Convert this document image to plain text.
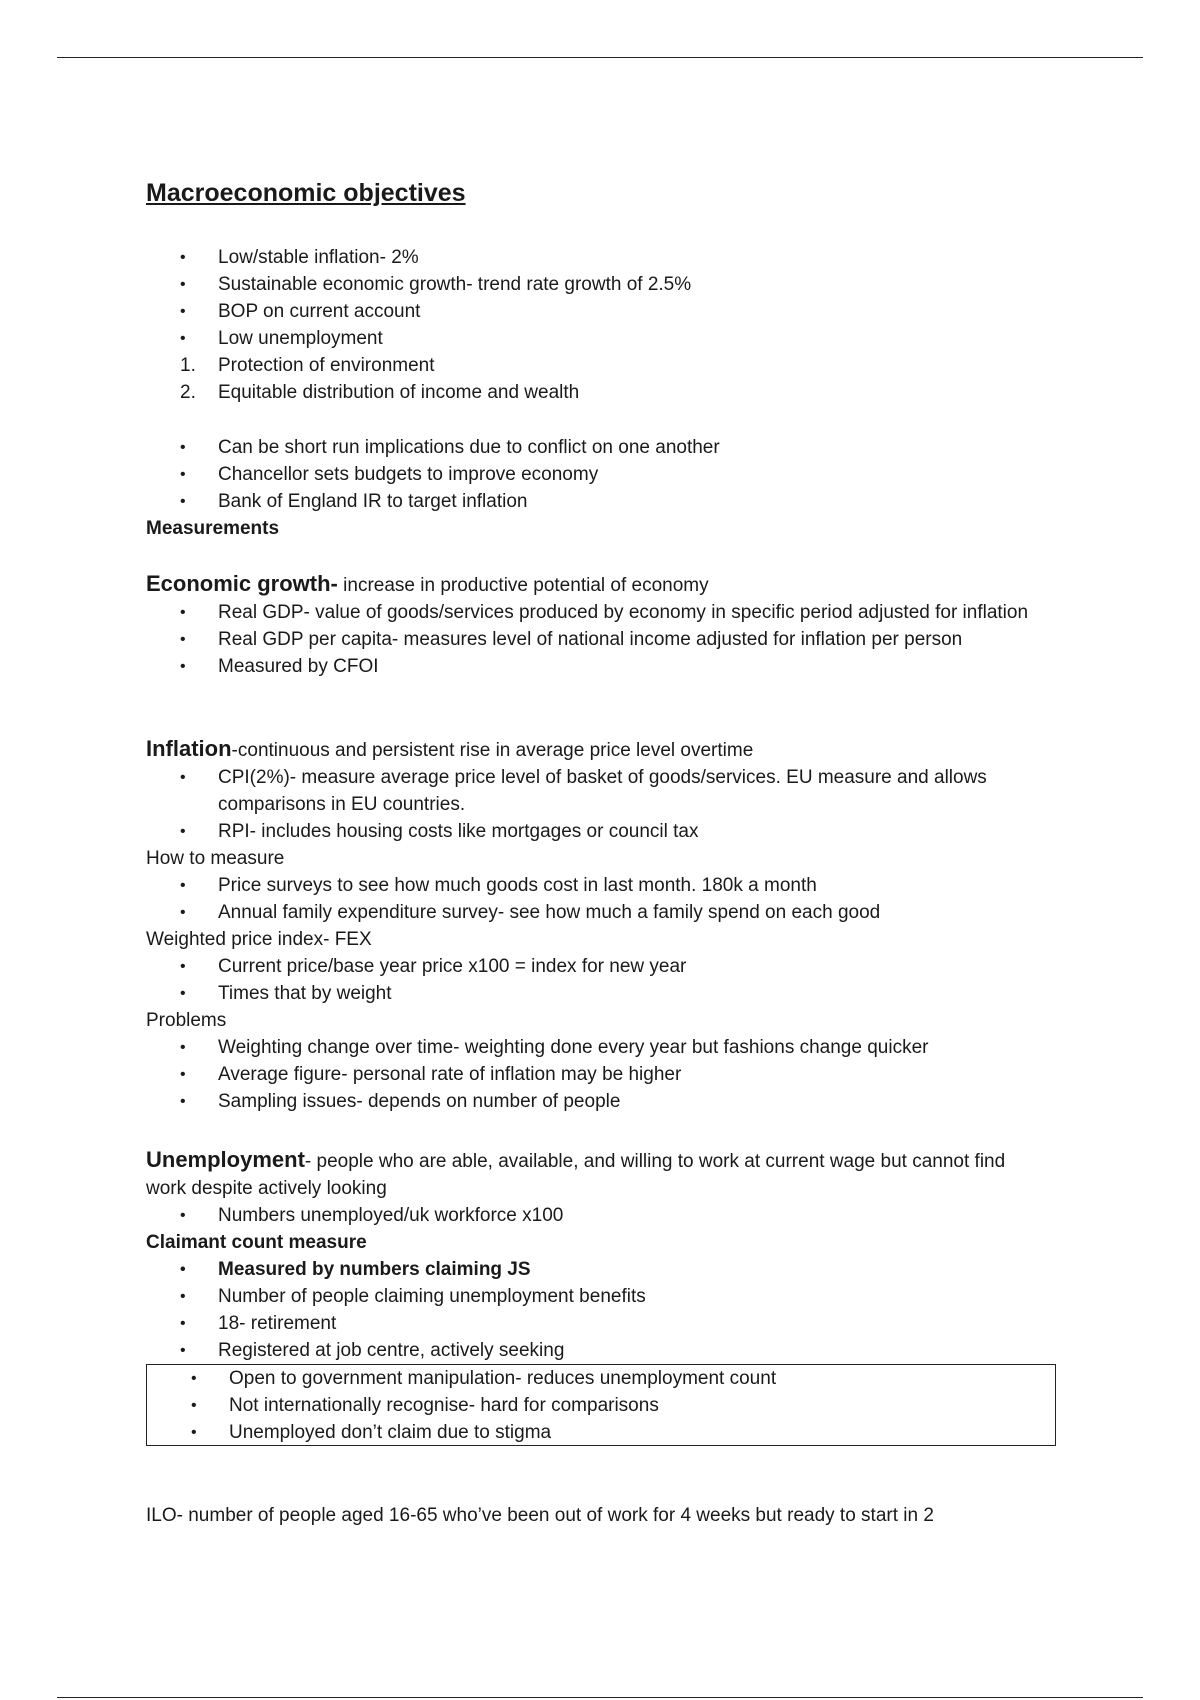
Macroeconomic objectives
•	Low/stable inflation- 2%
•	Sustainable economic growth- trend rate growth of 2.5%
•	BOP on current account
•	Low unemployment
1.	Protection of environment
2.	Equitable distribution of income and wealth
•	Can be short run implications due to conflict on one another
•	Chancellor sets budgets to improve economy
•	Bank of England IR to target inflation
Measurements
Economic growth- increase in productive potential of economy
•	Real GDP- value of goods/services produced by economy in specific period adjusted for inflation
•	Real GDP per capita- measures level of national income adjusted for inflation per person
•	Measured by CFOI
Inflation-continuous and persistent rise in average price level overtime
•	CPI(2%)- measure average price level of basket of goods/services. EU measure and allows comparisons in EU countries.
•	RPI- includes housing costs like mortgages or council tax
How to measure
•	Price surveys to see how much goods cost in last month. 180k a month
•	Annual family expenditure survey- see how much a family spend on each good
Weighted price index- FEX
•	Current price/base year price x100 = index for new year
•	Times that by weight
Problems
•	Weighting change over time- weighting done every year but fashions change quicker
•	Average figure- personal rate of inflation may be higher
•	Sampling issues- depends on number of people
Unemployment- people who are able, available, and willing to work at current wage but cannot find work despite actively looking
•	Numbers unemployed/uk workforce x100
Claimant count measure
•	Measured by numbers claiming JS
•	Number of people claiming unemployment benefits
•	18- retirement
•	Registered at job centre, actively seeking
•	Open to government manipulation- reduces unemployment count
•	Not internationally recognise- hard for comparisons
•	Unemployed don’t claim due to stigma
ILO- number of people aged 16-65 who’ve been out of work for 4 weeks but ready to start in 2
